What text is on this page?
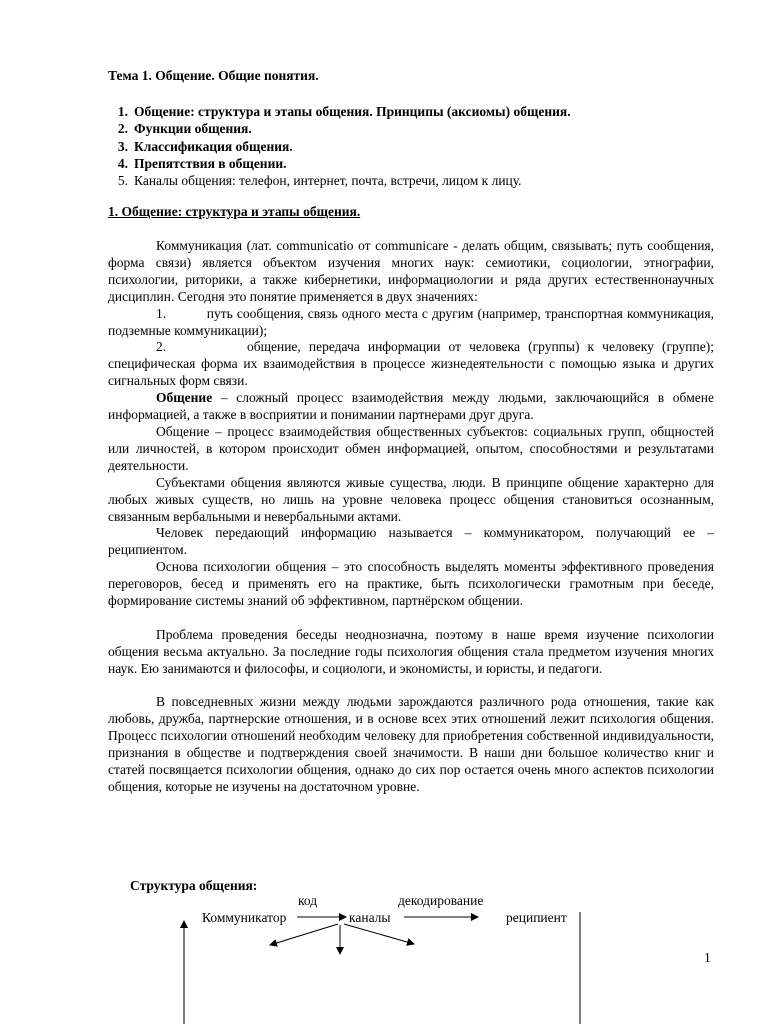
Тема 1. Общение. Общие понятия.
1. Общение: структура и этапы общения. Принципы (аксиомы) общения.
2. Функции общения.
3. Классификация общения.
4. Препятствия в общении.
5. Каналы общения: телефон, интернет, почта, встречи, лицом к лицу.
1. Общение: структура и этапы общения.

Коммуникация (лат. communicatio от communicare - делать общим, связывать; путь сообщения, форма связи) является объектом изучения многих наук: семиотики, социологии, этнографии, психологии, риторики, а также кибернетики, информациологии и ряда других естественнонаучных дисциплин. Сегодня это понятие применяется в двух значениях:

1.          путь сообщения, связь одного места с другим (например, транспортная коммуникация, подземные коммуникации);

2.          общение, передача информации от человека (группы) к человеку (группе); специфическая форма их взаимодействия в процессе жизнедеятельности с помощью языка и других сигнальных форм связи.

Общение – сложный процесс взаимодействия между людьми, заключающийся в обмене информацией, а также в восприятии и понимании партнерами друг друга.

Общение – процесс взаимодействия общественных субъектов: социальных групп, общностей или личностей, в котором происходит обмен информацией, опытом, способностями и результатами деятельности.

Субъектами общения являются живые существа, люди. В принципе общение характерно для любых живых существ, но лишь на уровне человека процесс общения становиться осознанным, связанным вербальными и невербальными актами.

Человек передающий информацию называется – коммуникатором, получающий ее – реципиентом.

Основа психологии общения – это способность выделять моменты эффективного проведения переговоров, бесед и применять его на практике, быть психологически грамотным при беседе, формирование системы знаний об эффективном, партнёрском общении.

Проблема проведения беседы неоднозначна, поэтому в наше время изучение психологии общения весьма актуально. За последние годы психология общения стала предметом изучения многих наук. Ею занимаются и философы, и социологи, и экономисты, и юристы, и педагоги.

В повседневных жизни между людьми зарождаются различного рода отношения, такие как любовь, дружба, партнерские отношения, и в основе всех этих отношений лежит психология общения. Процесс психологии отношений необходим человеку для приобретения собственной индивидуальности, признания в обществе и подтверждения своей значимости. В наши дни большое количество книг и статей посвящается психологии общения, однако до сих пор остается очень много аспектов психологии общения, которые не изучены на достаточном уровне.

Структура общения:
код	декодирование
Коммуникатор	каналы	реципиент
1
